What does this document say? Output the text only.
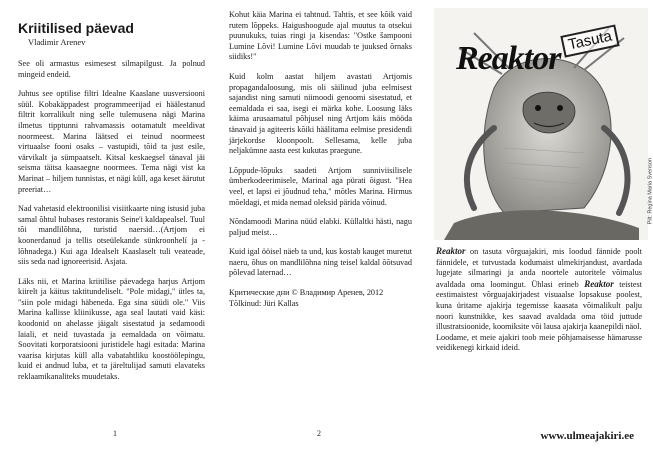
Kriitilised päevad
Vladimir Arenev

See oli armastus esimesest silmapilgust. Ja polnud mingeid endeid.

Juhtus see optilise filtri Idealne Kaaslane uusversiooni süül. Kobakäppadest programmeerijad ei häälestanud filtrit korralikult ning selle tulemusena nägi Marina ilmetus tipptunni rahvamassis ootamatult meeldivat noormeest. Marina läätsed ei teinud noormeest virtuaalse fooni osaks – vastupidi, tõid ta just esile, värvikalt ja sümpaatselt. Kitsal keskaegsel tänaval jäi seisma täitsa kaasaegne noormees. Tema nägi vist ka Marinat – hiljem tunnistas, et nägi küll, aga keset äärutut preeriat…

Nad vahetasid elektroonilisi visiitkaarte ning istusid juba samal õhtul hubases restoranis Seine'i kaldapealsel. Tuul tõi mandlilõhna, turistid naersid…(Artjom ei koonerdanud ja tellis otseülekande sünkroonhelí ja -lõhnadega.) Kui aga Idealselt Kaaslaselt tuli veateade, siis seda nad ignoreerisid. Asjata.

Läks nii, et Marina kriitilise päevadega harjus Artjom kiirelt ja käitus taktitundeliselt. "Pole midagi," ütles ta, "siin pole midagi häbeneda. Ega sina süüdi ole." Viis Marina kallisse kliinikusse, aga seal lautati vaid käsi: koodonid on ahelasse jäigalt sisestatud ja sedamoodi laiali, et neid tuvastada ja eemaldada on võimatu. Soovitati korporatsiooni juristidele hagi esitada: Marina vaarisa kirjutas küll alla vabatahtliku koostöölepingu, kuid ei andnud luba, et ta järeltulijad samuti elavateks reklaamikanaliteks muudetaks.

1

Kohut käia Marina ei tahtnud. Tahtis, et see kõik vaid rutem lõppeks. Haigushoogude ajal muutus ta otsekui puunukuks, tuias ringi ja kisendas: "Ostke šampooni Lumine Lõvi! Lumine Lõvi muudab te juuksed õrnaks siidiks!"

Kuid kolm aastat hiljem avastati Artjomis propagandaloosung, mis oli säilinud juba eelmisest sajandist ning samuti niimoodi genoomi sisestatud, et eemaldada ei saa, isegi ei märka kohe. Loosung läks käima arusaamatul põhjusel ning Artjom käis mööda tänavaid ja agiteeris kõiki häälitama eelmise presidendi järjekordse kloonpoolt. Sellesama, kelle juba neljakümne aasta eest kukutas praegune.

Lõppude-lõpuks saadeti Artjom sunniviisilisele ümberkodeerimisele, Marinal aga pürati õigust. "Hea veel, et lapsi ei jõudnud teha," mõtles Marina. Hirmus mõeldagi, et mida nemad oleksid pärida võinud.

Nõndamoodi Marina nüüd elabki. Küllaltki hästi, nagu paljud meist…

Kuid igal ööisel näeb ta und, kus kostab kauget muretut naeru, õhus on mandlilõhna ning teisel kaldal õõtsuvad põlevad laternad…

Критические дни © Владимир Аренев, 2012
Tõlkinud: Jüri Kallas
2
Reaktor Tasuta
Pilt: Regina Maria Svenson

Reaktor on tasuta võrguajakiri, mis loodud fännide poolt fännidele, et tutvustada kodumaist ulmekirjandust, avardada lugejate silmaringi ja anda noortele autoritele võimalus avaldada oma loomingut. Ühlasi erineb Reaktor teistest eestimaistest võrguajakirjadest visuaalse lopsakuse poolest, kuna üritame ajakirja tegemisse kaasata võimalikult palju noori kunstnikke, kes saavad avaldada oma töid juttude illustratsioonide, koomiksite või lausa ajakirja kaanepildi näol.

Loodame, et meie ajakiri toob meie põhjamaisesse hämarusse veidikenegi kirkaid ideid.

www.ulmeajakiri.ee
